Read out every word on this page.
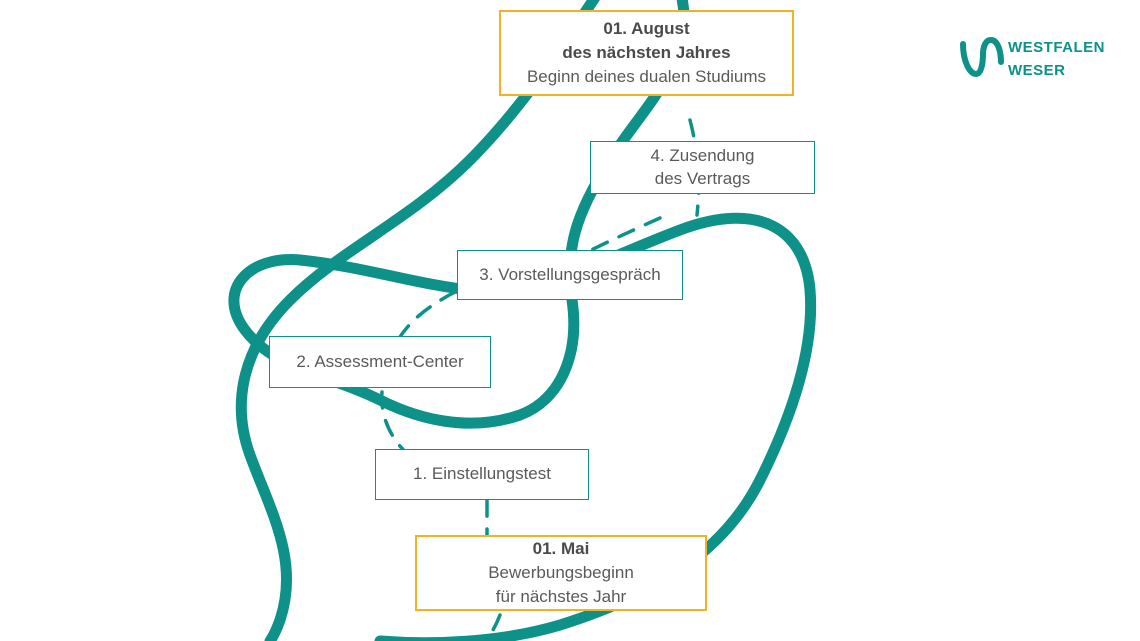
01. August
des nächsten Jahres
Beginn deines dualen Studiums
4. Zusendung
des Vertrags
3. Vorstellungsgespräch
2. Assessment-Center
1. Einstellungstest
01. Mai
Bewerbungsbeginn
für nächstes Jahr
WESTFALEN
WESER
